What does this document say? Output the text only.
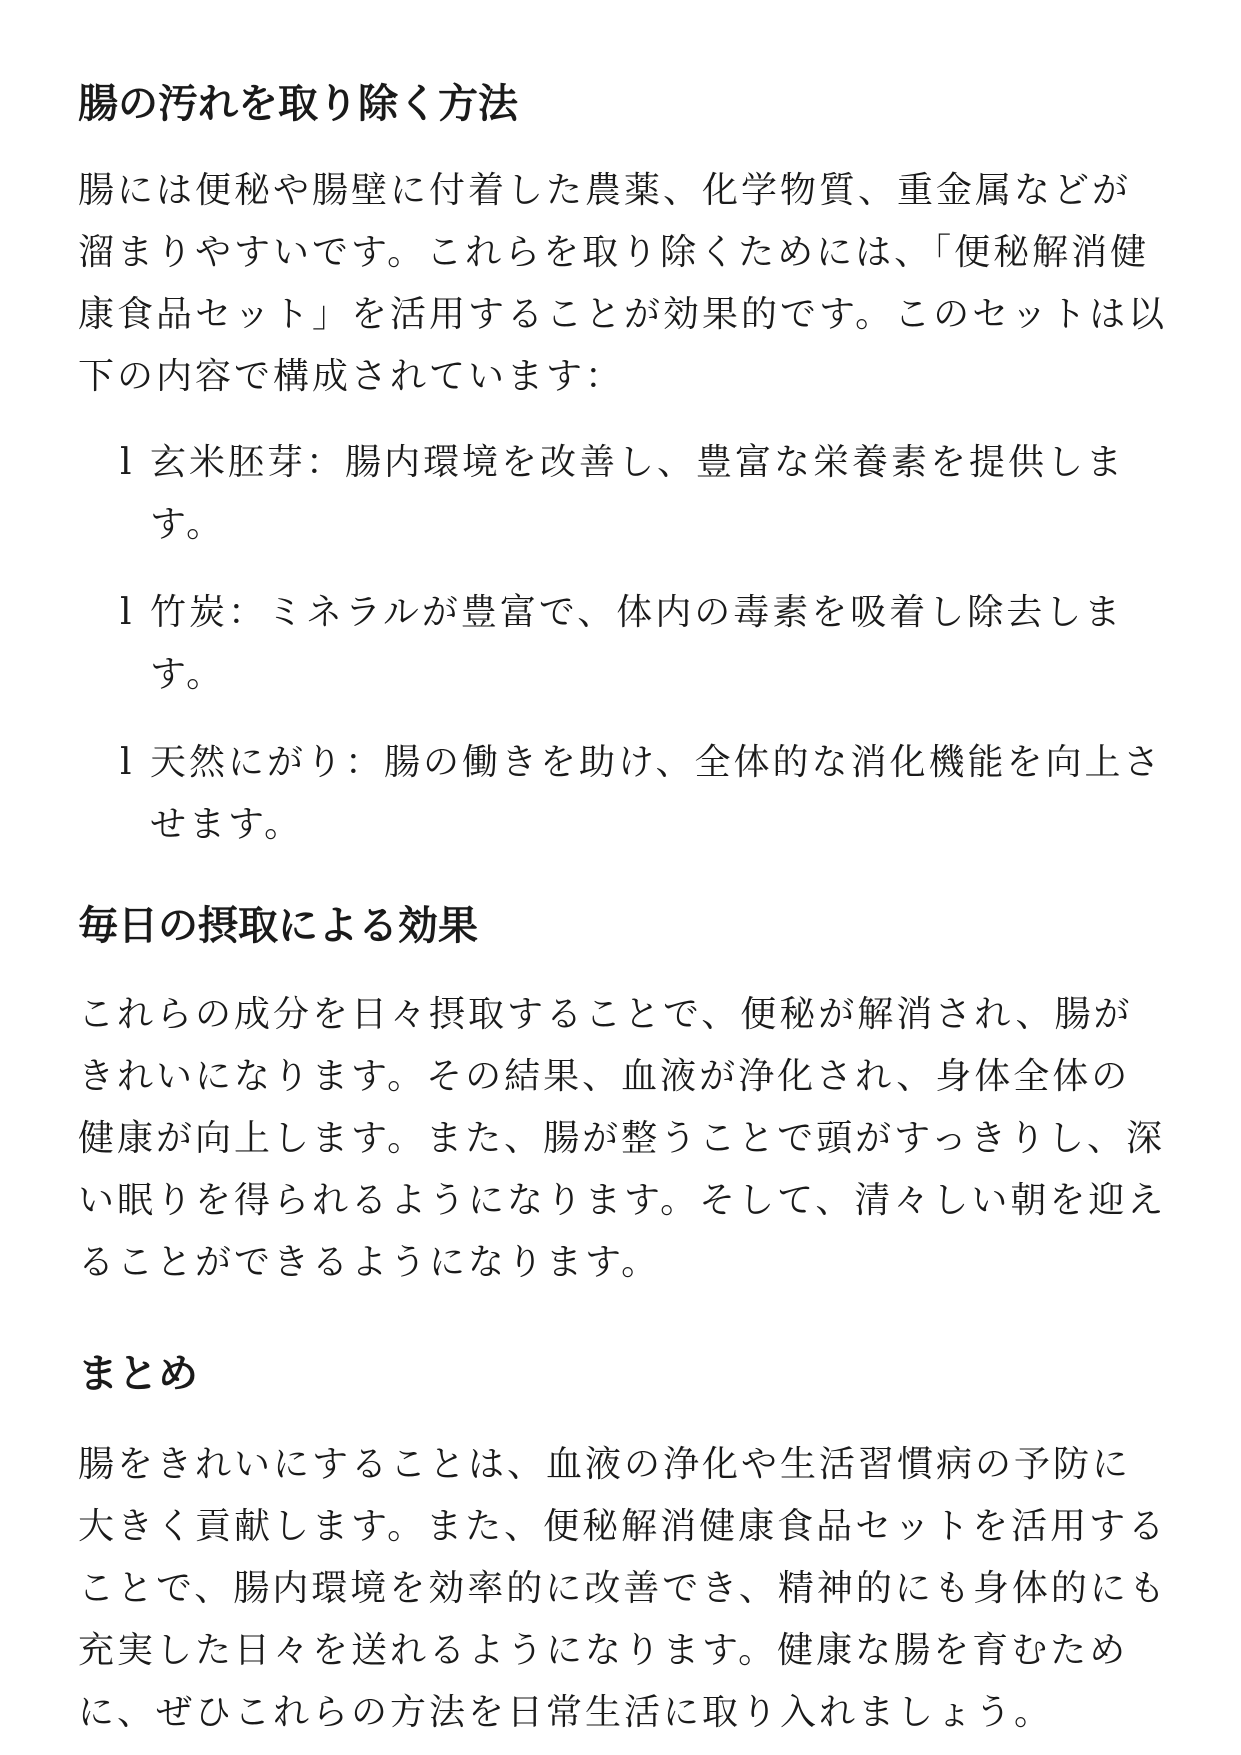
腸の汚れを取り除く方法

腸には便秘や腸壁に付着した農薬、化学物質、重金属などが溜まりやすいです。これらを取り除くためには、「便秘解消健康食品セット」を活用することが効果的です。このセットは以下の内容で構成されています：

l 玄米胚芽：腸内環境を改善し、豊富な栄養素を提供します。
l 竹炭：ミネラルが豊富で、体内の毒素を吸着し除去します。
l 天然にがり：腸の働きを助け、全体的な消化機能を向上させます。
毎日の摂取による効果

これらの成分を日々摂取することで、便秘が解消され、腸がきれいになります。その結果、血液が浄化され、身体全体の健康が向上します。また、腸が整うことで頭がすっきりし、深い眠りを得られるようになります。そして、清々しい朝を迎えることができるようになります。

まとめ

腸をきれいにすることは、血液の浄化や生活習慣病の予防に大きく貢献します。また、便秘解消健康食品セットを活用することで、腸内環境を効率的に改善でき、精神的にも身体的にも充実した日々を送れるようになります。健康な腸を育むために、ぜひこれらの方法を日常生活に取り入れましょう。
